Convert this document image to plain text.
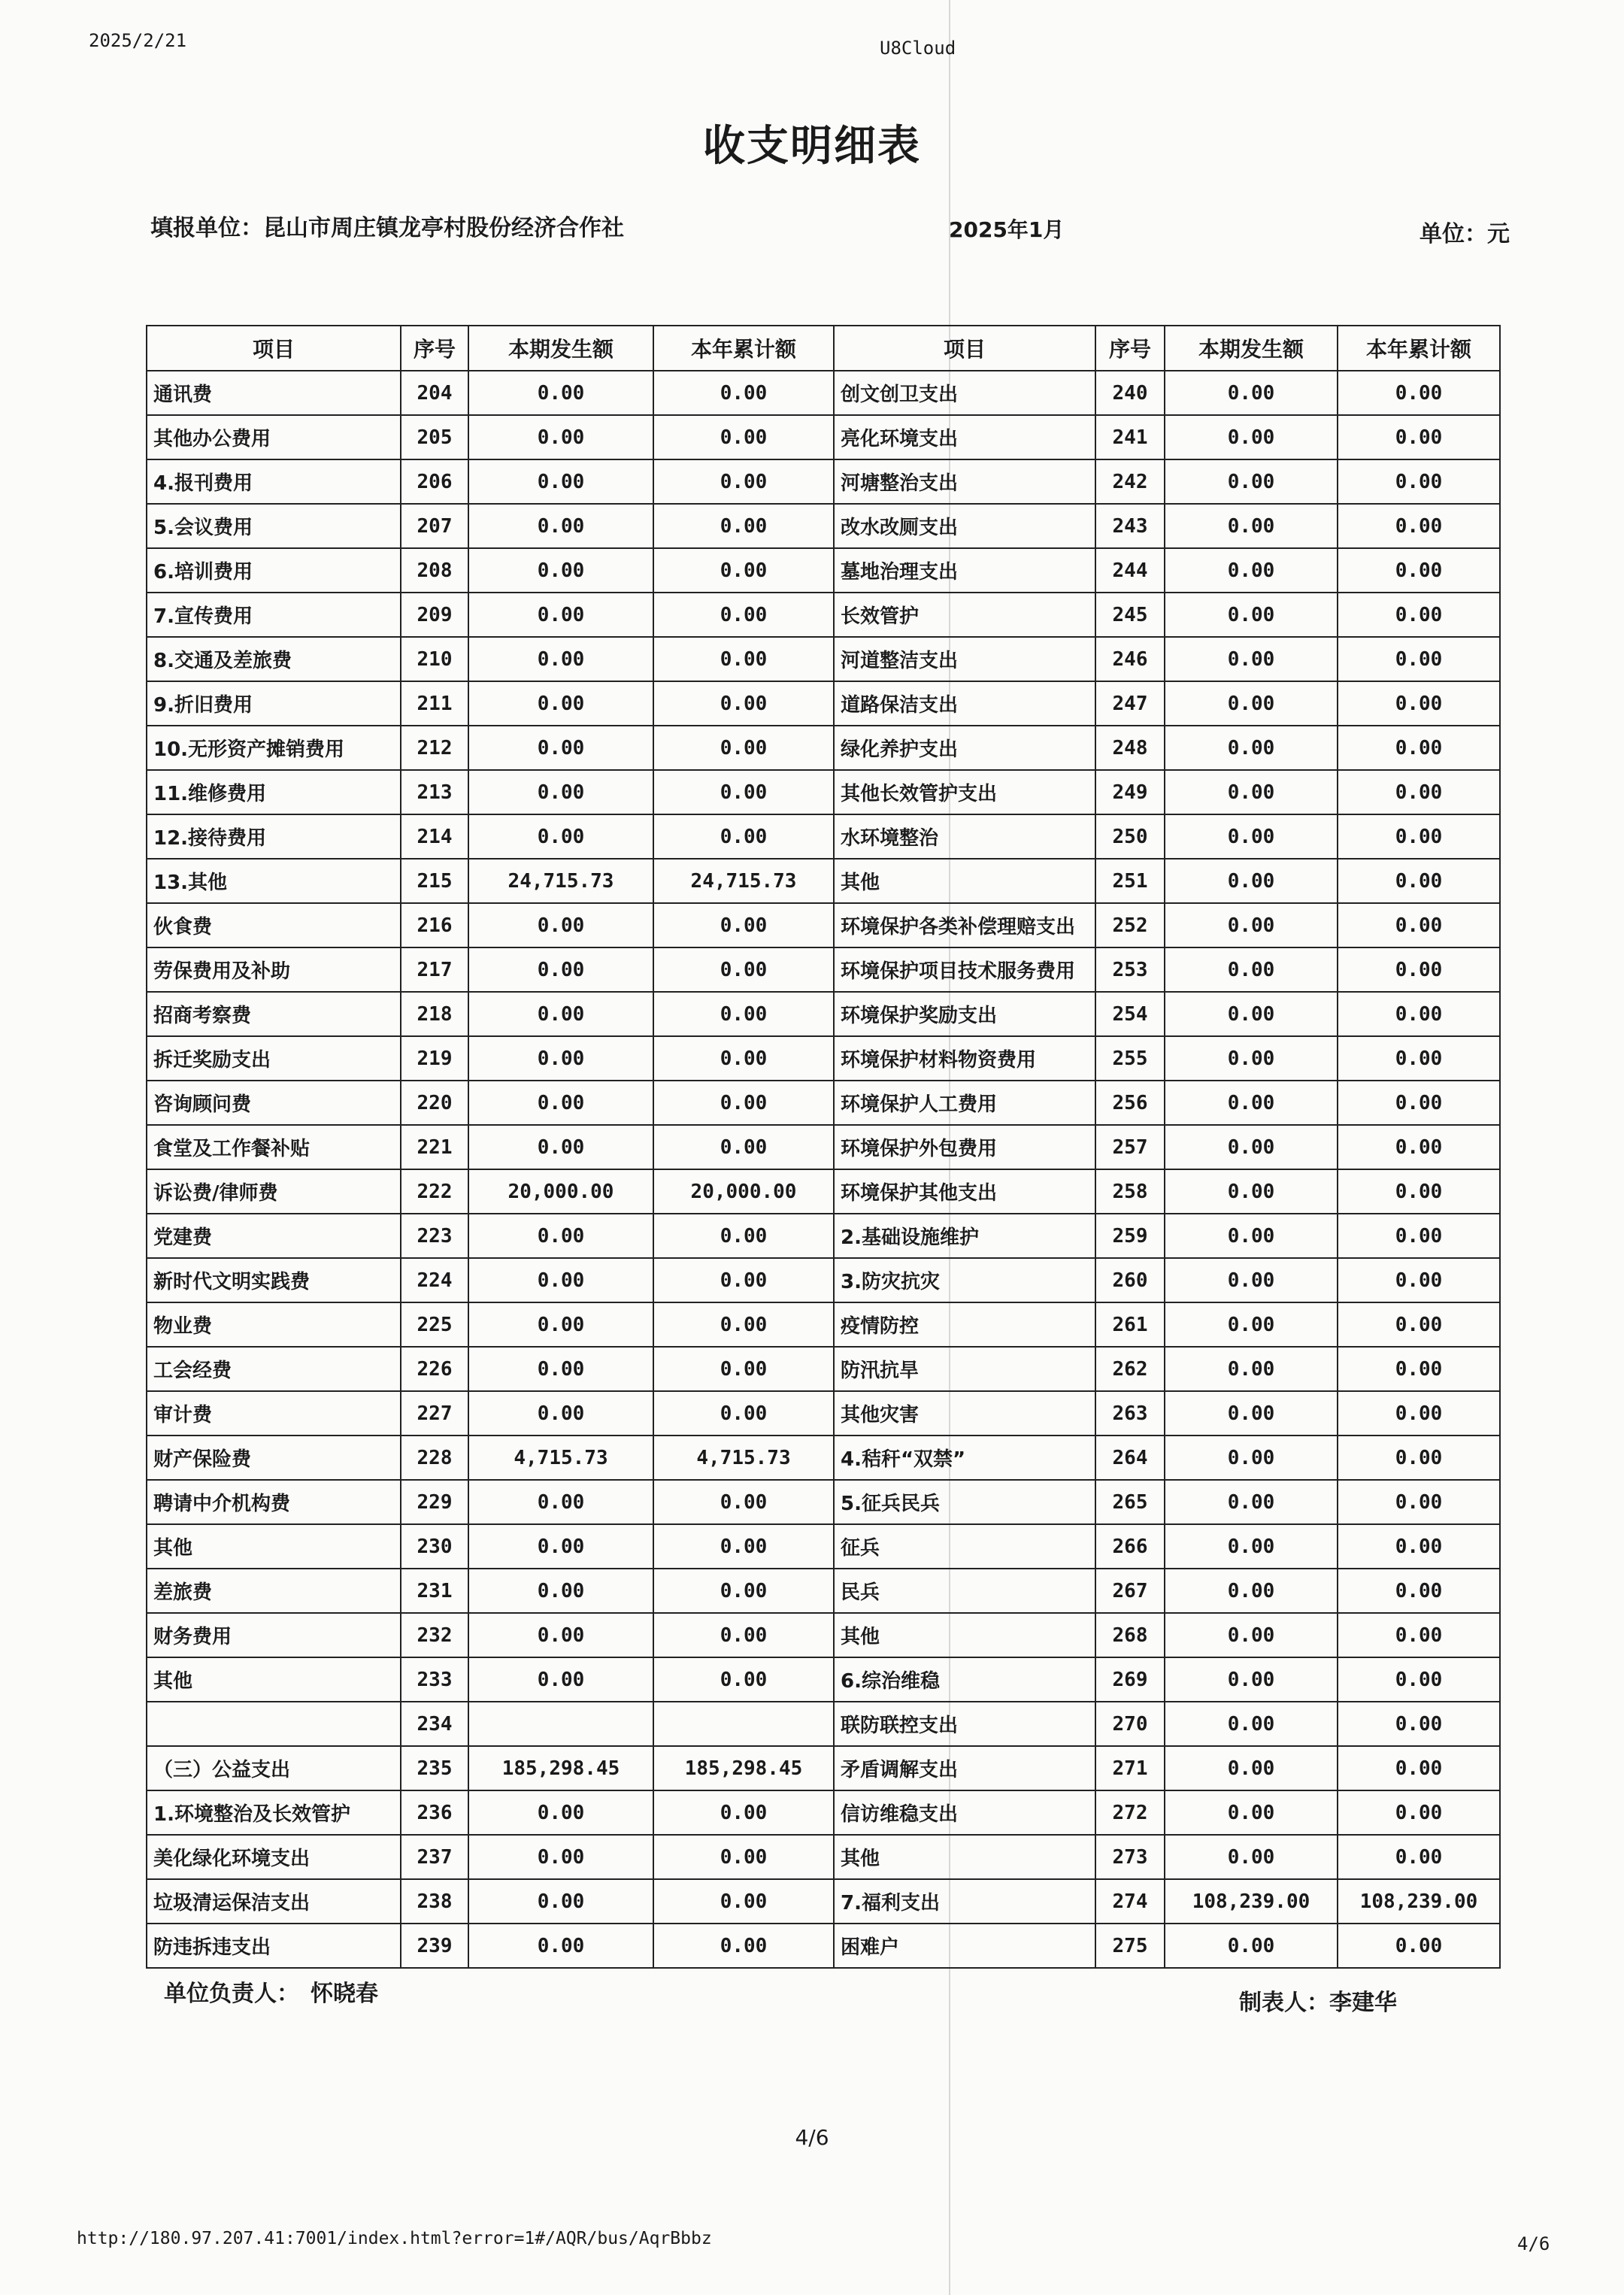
2025/2/21	U8Cloud
收支明细表
填报单位：昆山市周庄镇龙亭村股份经济合作社	2025年1月	单位：元
项目	序号	本期发生额	本年累计额	项目	序号	本期发生额	本年累计额
通讯费	204	0.00	0.00	创文创卫支出	240	0.00	0.00
其他办公费用	205	0.00	0.00	亮化环境支出	241	0.00	0.00
4.报刊费用	206	0.00	0.00	河塘整治支出	242	0.00	0.00
5.会议费用	207	0.00	0.00	改水改厕支出	243	0.00	0.00
6.培训费用	208	0.00	0.00	墓地治理支出	244	0.00	0.00
7.宣传费用	209	0.00	0.00	长效管护	245	0.00	0.00
8.交通及差旅费	210	0.00	0.00	河道整洁支出	246	0.00	0.00
9.折旧费用	211	0.00	0.00	道路保洁支出	247	0.00	0.00
10.无形资产摊销费用	212	0.00	0.00	绿化养护支出	248	0.00	0.00
11.维修费用	213	0.00	0.00	其他长效管护支出	249	0.00	0.00
12.接待费用	214	0.00	0.00	水环境整治	250	0.00	0.00
13.其他	215	24,715.73	24,715.73	其他	251	0.00	0.00
伙食费	216	0.00	0.00	环境保护各类补偿理赔支出	252	0.00	0.00
劳保费用及补助	217	0.00	0.00	环境保护项目技术服务费用	253	0.00	0.00
招商考察费	218	0.00	0.00	环境保护奖励支出	254	0.00	0.00
拆迁奖励支出	219	0.00	0.00	环境保护材料物资费用	255	0.00	0.00
咨询顾问费	220	0.00	0.00	环境保护人工费用	256	0.00	0.00
食堂及工作餐补贴	221	0.00	0.00	环境保护外包费用	257	0.00	0.00
诉讼费/律师费	222	20,000.00	20,000.00	环境保护其他支出	258	0.00	0.00
党建费	223	0.00	0.00	2.基础设施维护	259	0.00	0.00
新时代文明实践费	224	0.00	0.00	3.防灾抗灾	260	0.00	0.00
物业费	225	0.00	0.00	疫情防控	261	0.00	0.00
工会经费	226	0.00	0.00	防汛抗旱	262	0.00	0.00
审计费	227	0.00	0.00	其他灾害	263	0.00	0.00
财产保险费	228	4,715.73	4,715.73	4.秸秆“双禁”	264	0.00	0.00
聘请中介机构费	229	0.00	0.00	5.征兵民兵	265	0.00	0.00
其他	230	0.00	0.00	征兵	266	0.00	0.00
差旅费	231	0.00	0.00	民兵	267	0.00	0.00
财务费用	232	0.00	0.00	其他	268	0.00	0.00
其他	233	0.00	0.00	6.综治维稳	269	0.00	0.00
	234			联防联控支出	270	0.00	0.00
（三）公益支出	235	185,298.45	185,298.45	矛盾调解支出	271	0.00	0.00
1.环境整治及长效管护	236	0.00	0.00	信访维稳支出	272	0.00	0.00
美化绿化环境支出	237	0.00	0.00	其他	273	0.00	0.00
垃圾清运保洁支出	238	0.00	0.00	7.福利支出	274	108,239.00	108,239.00
防违拆违支出	239	0.00	0.00	困难户	275	0.00	0.00
单位负责人：　怀晓春	制表人：李建华
4/6
http://180.97.207.41:7001/index.html?error=1#/AQR/bus/AqrBbbz	4/6
